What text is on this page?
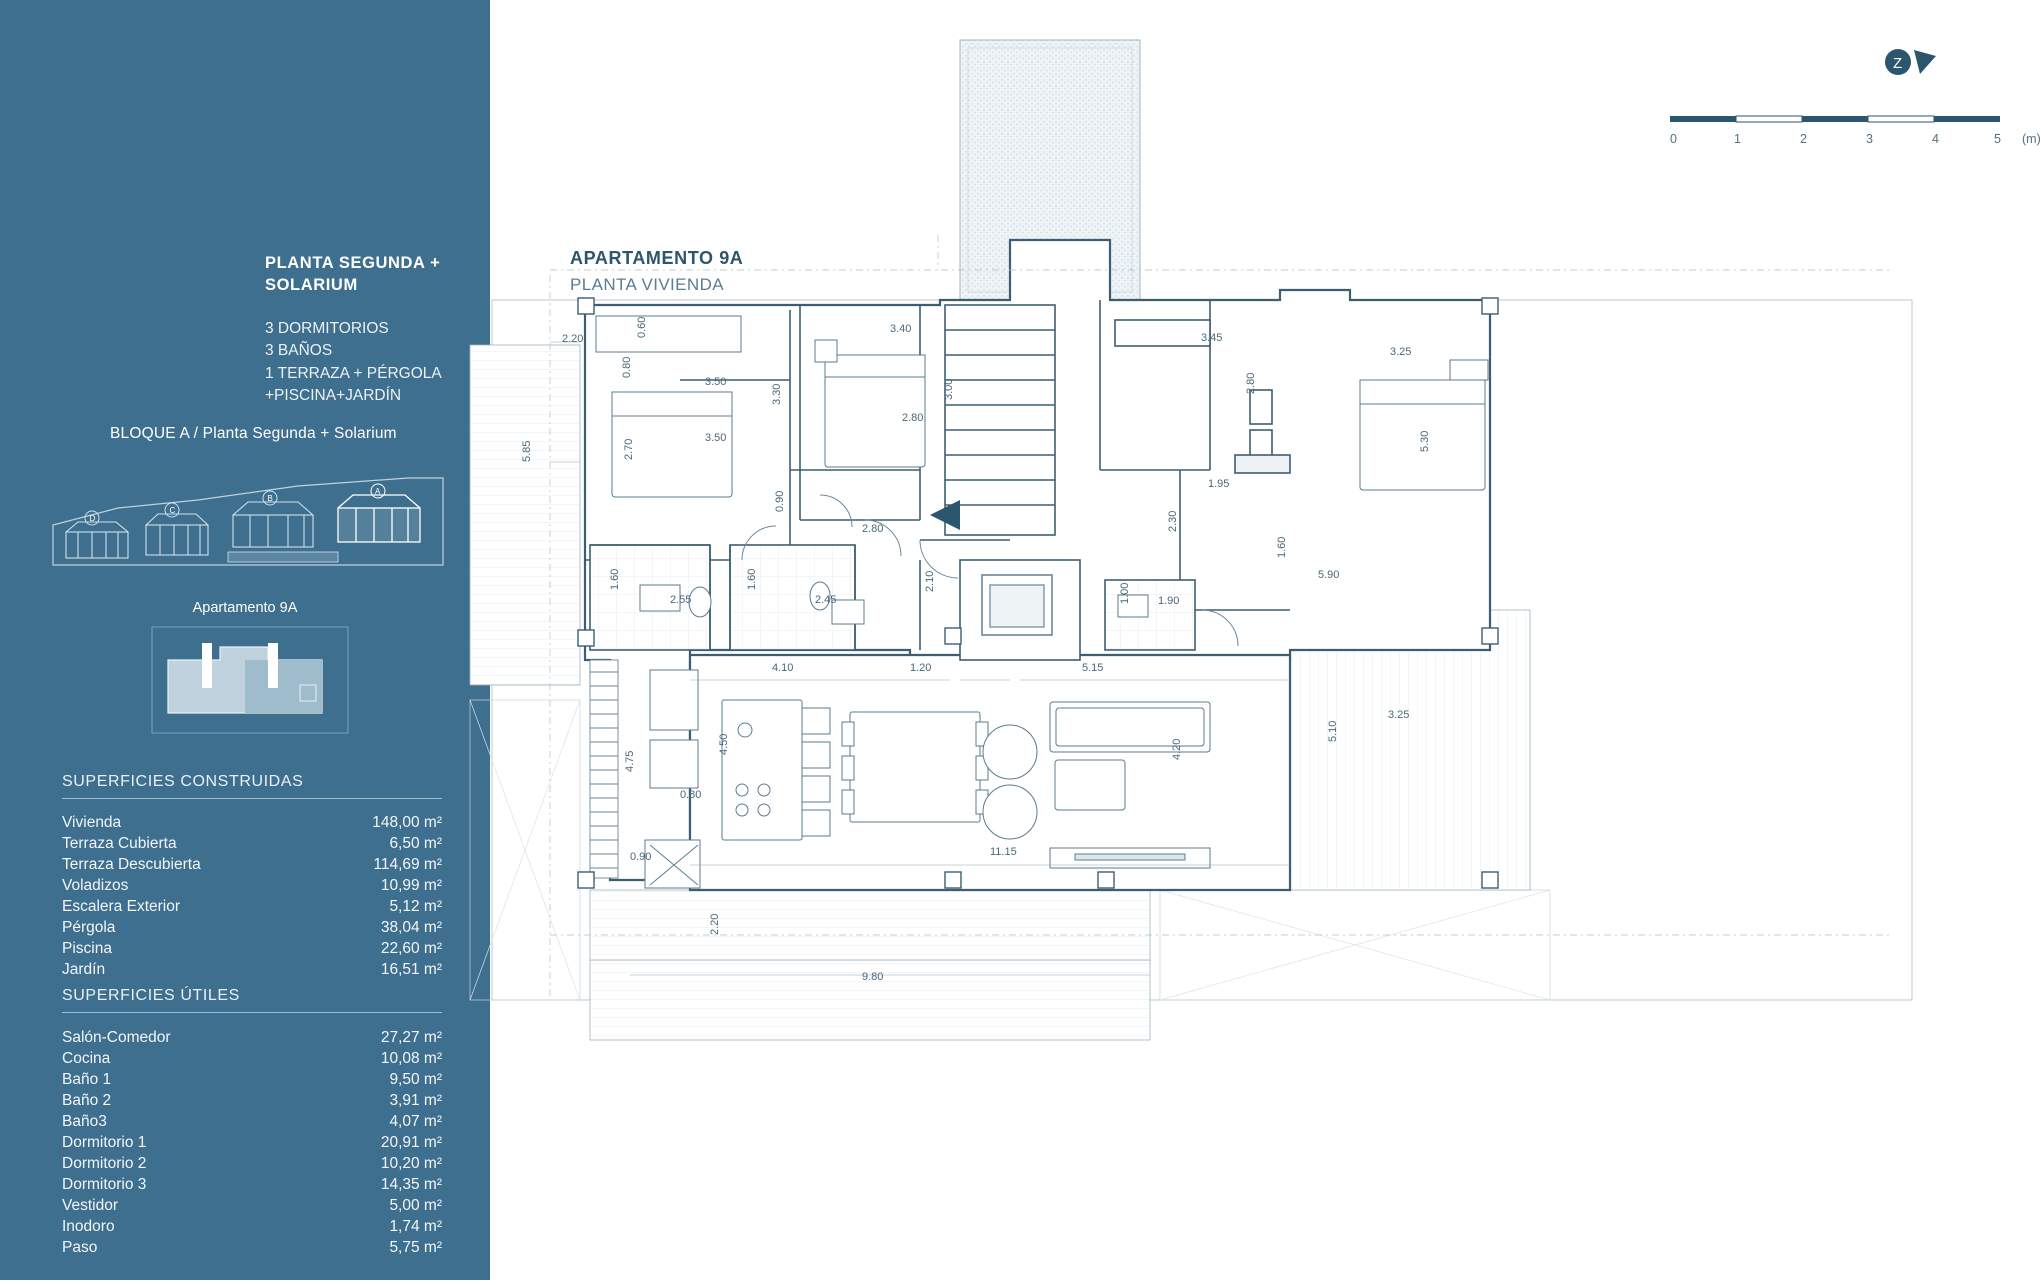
PLANTA SEGUNDA + SOLARIUM
3 DORMITORIOS
3 BAÑOS
1 TERRAZA + PÉRGOLA
+PISCINA+JARDÍN
BLOQUE A / Planta Segunda + Solarium
D
C
B
A
Apartamento 9A
SUPERFICIES CONSTRUIDAS
Vivienda	148,00 m²
Terraza Cubierta	6,50 m²
Terraza Descubierta	114,69 m²
Voladizos	10,99 m²
Escalera Exterior	5,12 m²
Pérgola	38,04 m²
Piscina	22,60 m²
Jardín	16,51 m²
SUPERFICIES ÚTILES
Salón-Comedor	27,27 m²
Cocina	10,08 m²
Baño 1	9,50 m²
Baño 2	3,91 m²
Baño3	4,07 m²
Dormitorio 1	20,91 m²
Dormitorio 2	10,20 m²
Dormitorio 3	14,35 m²
Vestidor	5,00 m²
Inodoro	1,74 m²
Paso	5,75 m²
APARTAMENTO 9A
PLANTA VIVIENDA
Z
0	1	2	3	4	5 (m)
2.20
0.60
0.80
3.50
3.50
2.70
5.85
3.30
3.40
2.80
3.00
0.90
2.80
3.45
2.80
3.25
5.30
1.95
2.30
1.60
5.90
1.60
2.55
1.60
2.45
2.10
1.00 1.90
4.10	1.20	5.15
3.25
5.10
4.50
4.75
0.80
4.20
0.90	11.15
2.20
9.80
